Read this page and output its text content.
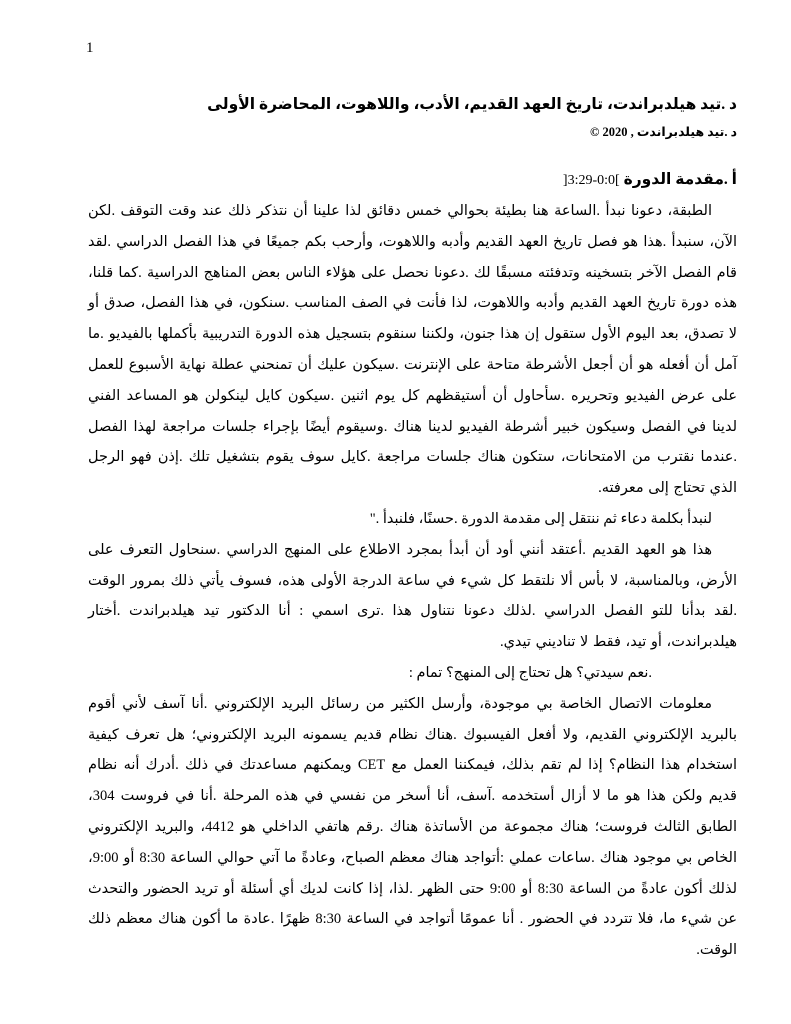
1
د .تيد هيلدبراندت، تاريخ العهد القديم، الأدب، واللاهوت، المحاضرة الأولى
د .تيد هيلدبراندت , 2020 ©
أ .مقدمة الدورة ]3:29-0:0[

الطبقة، دعونا نبدأ .الساعة هنا بطيئة بحوالي خمس دقائق لذا علينا أن نتذكر ذلك عند وقت التوقف .لكن الآن، سنبدأ .هذا هو فصل تاريخ العهد القديم وأدبه واللاهوت، وأرحب بكم جميعًا في هذا الفصل الدراسي .لقد قام الفصل الآخر بتسخينه وتدفئته مسبقًا لك .دعونا نحصل على هؤلاء الناس بعض المناهج الدراسية .كما قلنا، هذه دورة تاريخ العهد القديم وأدبه واللاهوت، لذا فأنت في الصف المناسب .سنكون، في هذا الفصل، صدق أو لا تصدق، بعد اليوم الأول ستقول إن هذا جنون، ولكننا سنقوم بتسجيل هذه الدورة التدريبية بأكملها بالفيديو .ما آمل أن أفعله هو أن أجعل الأشرطة متاحة على الإنترنت .سيكون عليك أن تمنحني عطلة نهاية الأسبوع للعمل على عرض الفيديو وتحريره .سأحاول أن أستيقظهم كل يوم اثنين .سيكون كايل لينكولن هو المساعد الفني لدينا في الفصل وسيكون خبير أشرطة الفيديو لدينا هناك .وسيقوم أيضًا بإجراء جلسات مراجعة لهذا الفصل .عندما نقترب من الامتحانات، ستكون هناك جلسات مراجعة .كايل سوف يقوم بتشغيل تلك .إذن فهو الرجل الذي تحتاج إلى معرفته.

لنبدأ بكلمة دعاء ثم ننتقل إلى مقدمة الدورة .حسنًا، فلنبدأ ."

هذا هو العهد القديم .أعتقد أنني أود أن أبدأ بمجرد الاطلاع على المنهج الدراسي .سنحاول التعرف على الأرض، وبالمناسبة، لا بأس ألا نلتقط كل شيء في ساعة الدرجة الأولى هذه، فسوف يأتي ذلك بمرور الوقت .لقد بدأنا للتو الفصل الدراسي .لذلك دعونا نتناول هذا .ترى اسمي : أنا الدكتور تيد هيلدبراندت .أختار هيلدبراندت، أو تيد، فقط لا تناديني تيدي.

.نعم سيدتي؟ هل تحتاج إلى المنهج؟ تمام :

معلومات الاتصال الخاصة بي موجودة، وأرسل الكثير من رسائل البريد الإلكتروني .أنا آسف لأني أقوم بالبريد الإلكتروني القديم، ولا أفعل الفيسبوك .هناك نظام قديم يسمونه البريد الإلكتروني؛ هل تعرف كيفية استخدام هذا النظام؟ إذا لم تقم بذلك، فيمكننا العمل مع CET ويمكنهم مساعدتك في ذلك .أدرك أنه نظام قديم ولكن هذا هو ما لا أزال أستخدمه .آسف، أنا أسخر من نفسي في هذه المرحلة .أنا في فروست 304، الطابق الثالث فروست؛ هناك مجموعة من الأساتذة هناك .رقم هاتفي الداخلي هو 4412، والبريد الإلكتروني الخاص بي موجود هناك .ساعات عملي :أتواجد هناك معظم الصباح، وعادةً ما آتي حوالي الساعة 8:30 أو 9:00، لذلك أكون عادةً من الساعة 8:30 أو 9:00 حتى الظهر .لذا، إذا كانت لديك أي أسئلة أو تريد الحضور والتحدث عن شيء ما، فلا تتردد في الحضور . أنا عمومًا أتواجد في الساعة 8:30 ظهرًا .عادة ما أكون هناك معظم ذلك الوقت.
